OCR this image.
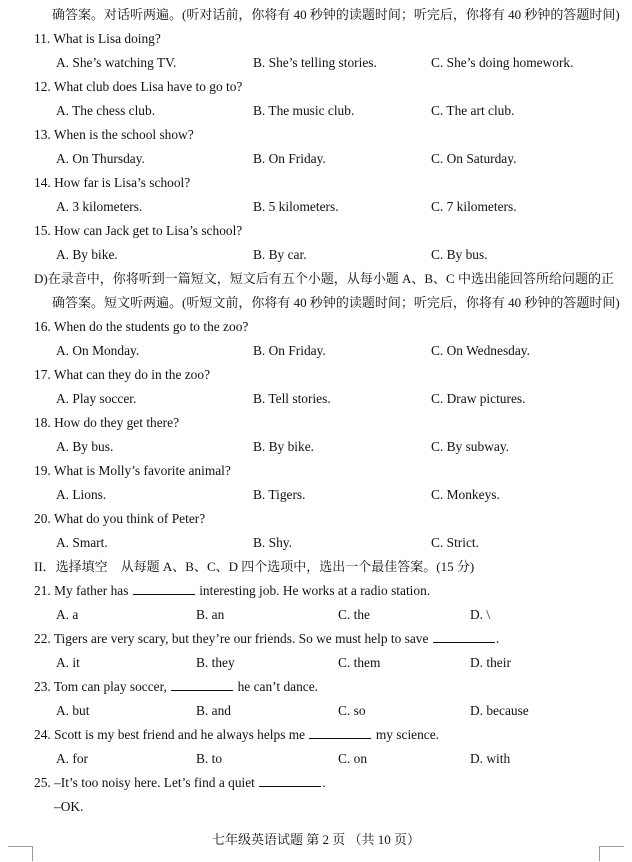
确答案。对话听两遍。(听对话前，你将有 40 秒钟的读题时间；听完后，你将有 40 秒钟的答题时间)
11. What is Lisa doing?
A. She’s watching TV.	B. She’s telling stories.	C. She’s doing homework.
12. What club does Lisa have to go to?
A. The chess club.	B. The music club.	C. The art club.
13. When is the school show?
A. On Thursday.	B. On Friday.	C. On Saturday.
14. How far is Lisa’s school?
A. 3 kilometers.	B. 5 kilometers.	C. 7 kilometers.
15. How can Jack get to Lisa’s school?
A. By bike.	B. By car.	C. By bus.
D)在录音中，你将听到一篇短文，短文后有五个小题，从每小题 A、B、C 中选出能回答所给问题的正
确答案。短文听两遍。(听短文前，你将有 40 秒钟的读题时间；听完后，你将有 40 秒钟的答题时间)
16. When do the students go to the zoo?
A. On Monday.	B. On Friday.	C. On Wednesday.
17. What can they do in the zoo?
A. Play soccer.	B. Tell stories.	C. Draw pictures.
18. How do they get there?
A. By bus.	B. By bike.	C. By subway.
19. What is Molly’s favorite animal?
A. Lions.	B. Tigers.	C. Monkeys.
20. What do you think of Peter?
A. Smart.	B. Shy.	C. Strict.
II．选择填空　从每题 A、B、C、D 四个选项中，选出一个最佳答案。(15 分)
21. My father has	interesting job. He works at a radio station.
A. a	B. an	C. the	D. \
22. Tigers are very scary, but they’re our friends. So we must help to save	.
A. it	B. they	C. them	D. their
23. Tom can play soccer,	he can’t dance.
A. but	B. and	C. so	D. because
24. Scott is my best friend and he always helps me	my science.
A. for	B. to	C. on	D. with
25. –It’s too noisy here. Let’s find a quiet	.
–OK.
七年级英语试题 第 2 页 （共 10 页）
